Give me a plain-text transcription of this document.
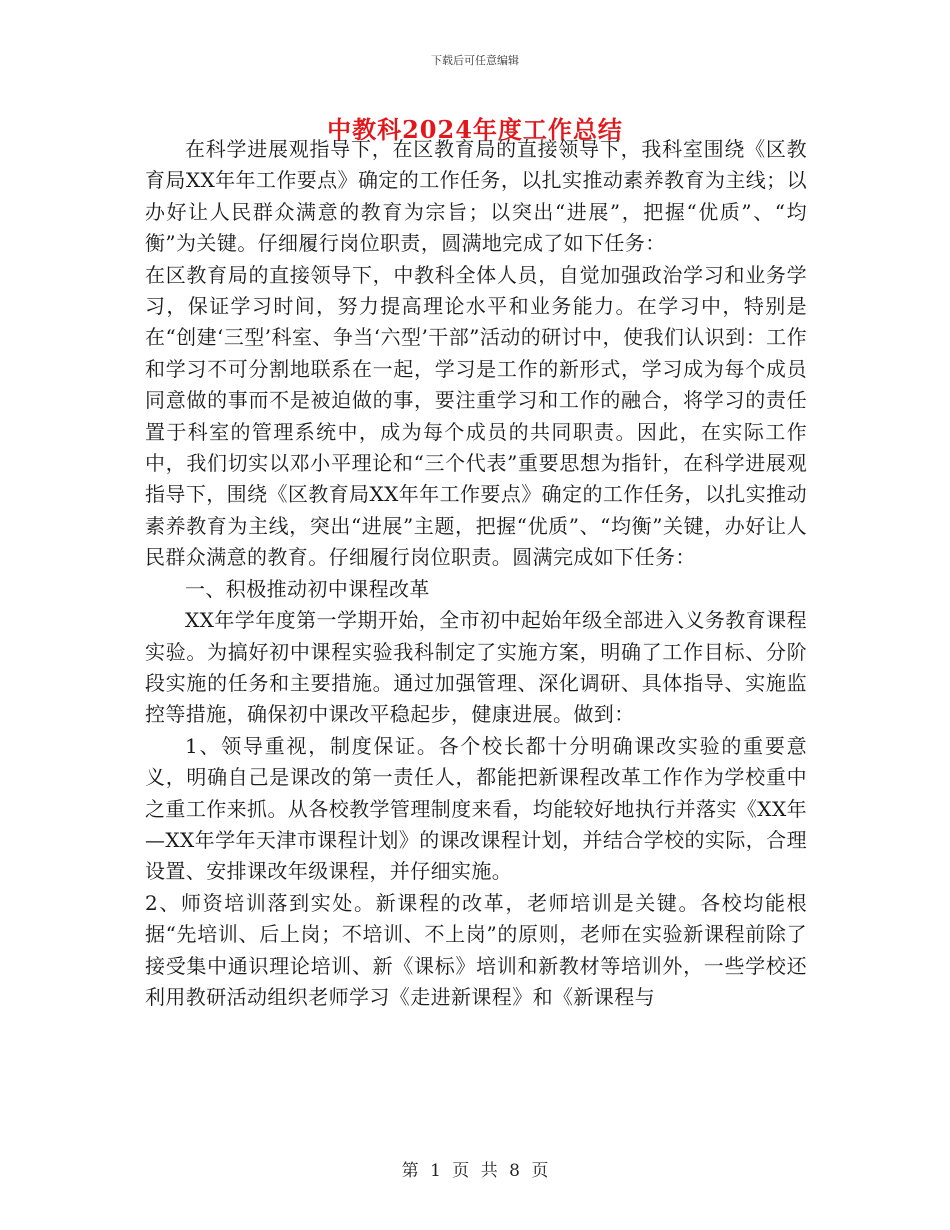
下载后可任意编辑
中教科2024年度工作总结

在科学进展观指导下，在区教育局的直接领导下，我科室围绕《区教育局XX年年工作要点》确定的工作任务，以扎实推动素养教育为主线；以办好让人民群众满意的教育为宗旨；以突出“进展”，把握“优质”、“均衡”为关键。仔细履行岗位职责，圆满地完成了如下任务：

在区教育局的直接领导下，中教科全体人员，自觉加强政治学习和业务学习，保证学习时间，努力提高理论水平和业务能力。在学习中，特别是在“创建‘三型’科室、争当‘六型’干部”活动的研讨中，使我们认识到：工作和学习不可分割地联系在一起，学习是工作的新形式，学习成为每个成员同意做的事而不是被迫做的事，要注重学习和工作的融合，将学习的责任置于科室的管理系统中，成为每个成员的共同职责。因此，在实际工作中，我们切实以邓小平理论和“三个代表”重要思想为指针，在科学进展观指导下，围绕《区教育局XX年年工作要点》确定的工作任务，以扎实推动素养教育为主线，突出“进展”主题，把握“优质”、“均衡”关键，办好让人民群众满意的教育。仔细履行岗位职责。圆满完成如下任务：

一、积极推动初中课程改革

XX年学年度第一学期开始，全市初中起始年级全部进入义务教育课程实验。为搞好初中课程实验我科制定了实施方案，明确了工作目标、分阶段实施的任务和主要措施。通过加强管理、深化调研、具体指导、实施监控等措施，确保初中课改平稳起步，健康进展。做到：

1、领导重视，制度保证。各个校长都十分明确课改实验的重要意义，明确自己是课改的第一责任人，都能把新课程改革工作作为学校重中之重工作来抓。从各校教学管理制度来看，均能较好地执行并落实《XX年—XX年学年天津市课程计划》的课改课程计划，并结合学校的实际，合理设置、安排课改年级课程，并仔细实施。

2、师资培训落到实处。新课程的改革，老师培训是关键。各校均能根据“先培训、后上岗；不培训、不上岗”的原则，老师在实验新课程前除了接受集中通识理论培训、新《课标》培训和新教材等培训外，一些学校还利用教研活动组织老师学习《走进新课程》和《新课程与

第 1 页 共 8 页
